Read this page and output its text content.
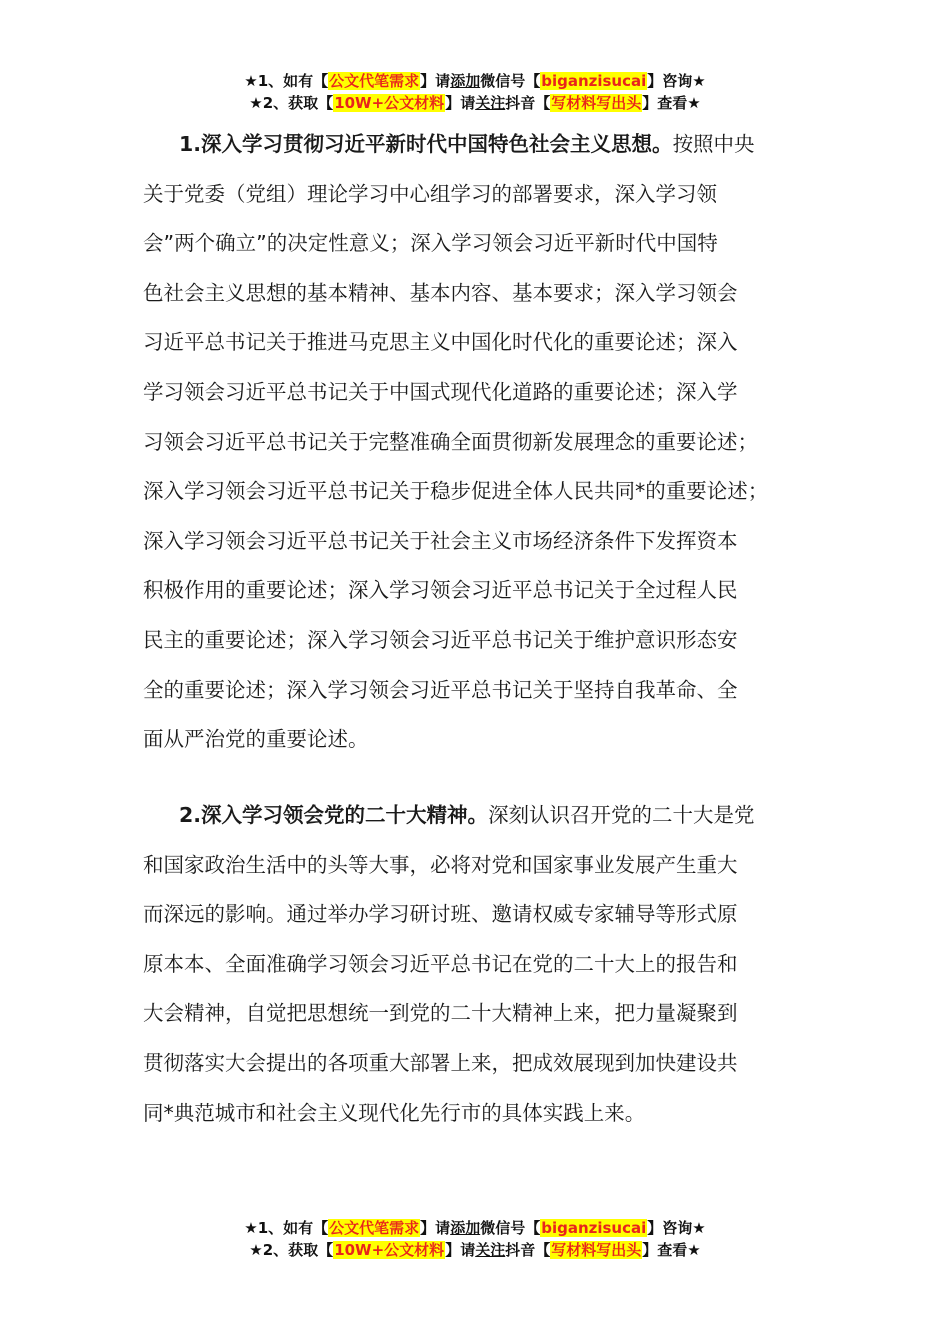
★1、如有【公文代笔需求】请添加微信号【biganzisucai】咨询★
★2、获取【10W+公文材料】请关注抖音【写材料写出头】查看★
1.深入学习贯彻习近平新时代中国特色社会主义思想。按照中央
关于党委（党组）理论学习中心组学习的部署要求，深入学习领
会”两个确立”的决定性意义；深入学习领会习近平新时代中国特
色社会主义思想的基本精神、基本内容、基本要求；深入学习领会
习近平总书记关于推进马克思主义中国化时代化的重要论述；深入
学习领会习近平总书记关于中国式现代化道路的重要论述；深入学
习领会习近平总书记关于完整准确全面贯彻新发展理念的重要论述；
深入学习领会习近平总书记关于稳步促进全体人民共同*的重要论述；
深入学习领会习近平总书记关于社会主义市场经济条件下发挥资本
积极作用的重要论述；深入学习领会习近平总书记关于全过程人民
民主的重要论述；深入学习领会习近平总书记关于维护意识形态安
全的重要论述；深入学习领会习近平总书记关于坚持自我革命、全
面从严治党的重要论述。
2.深入学习领会党的二十大精神。深刻认识召开党的二十大是党
和国家政治生活中的头等大事，必将对党和国家事业发展产生重大
而深远的影响。通过举办学习研讨班、邀请权威专家辅导等形式原
原本本、全面准确学习领会习近平总书记在党的二十大上的报告和
大会精神，自觉把思想统一到党的二十大精神上来，把力量凝聚到
贯彻落实大会提出的各项重大部署上来，把成效展现到加快建设共
同*典范城市和社会主义现代化先行市的具体实践上来。
★1、如有【公文代笔需求】请添加微信号【biganzisucai】咨询★
★2、获取【10W+公文材料】请关注抖音【写材料写出头】查看★
